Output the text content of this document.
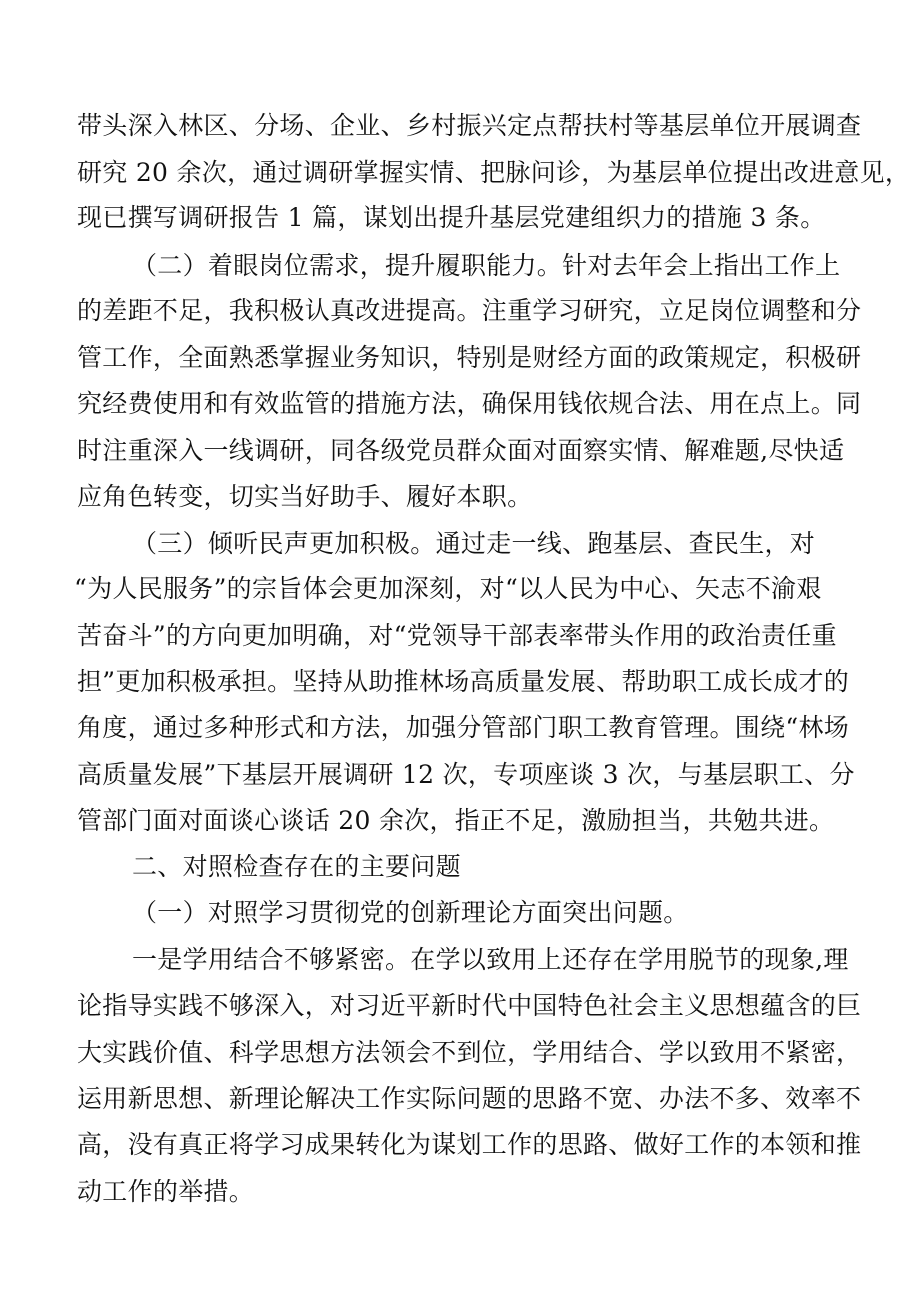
带头深入林区、分场、企业、乡村振兴定点帮扶村等基层单位开展调查
研究 20 余次，通过调研掌握实情、把脉问诊，为基层单位提出改进意见，
现已撰写调研报告 1 篇，谋划出提升基层党建组织力的措施 3 条。
（二）着眼岗位需求，提升履职能力。针对去年会上指出工作上
的差距不足，我积极认真改进提高。注重学习研究，立足岗位调整和分
管工作，全面熟悉掌握业务知识，特别是财经方面的政策规定，积极研
究经费使用和有效监管的措施方法，确保用钱依规合法、用在点上。同
时注重深入一线调研，同各级党员群众面对面察实情、解难题,尽快适
应角色转变，切实当好助手、履好本职。
（三）倾听民声更加积极。通过走一线、跑基层、查民生，对
“为人民服务”的宗旨体会更加深刻，对“以人民为中心、矢志不渝艰
苦奋斗”的方向更加明确，对“党领导干部表率带头作用的政治责任重
担”更加积极承担。坚持从助推林场高质量发展、帮助职工成长成才的
角度，通过多种形式和方法，加强分管部门职工教育管理。围绕“林场
高质量发展”下基层开展调研 12 次，专项座谈 3 次，与基层职工、分
管部门面对面谈心谈话 20 余次，指正不足，激励担当，共勉共进。
二、对照检查存在的主要问题
（一）对照学习贯彻党的创新理论方面突出问题。
一是学用结合不够紧密。在学以致用上还存在学用脱节的现象,理
论指导实践不够深入，对习近平新时代中国特色社会主义思想蕴含的巨
大实践价值、科学思想方法领会不到位，学用结合、学以致用不紧密，
运用新思想、新理论解决工作实际问题的思路不宽、办法不多、效率不
高，没有真正将学习成果转化为谋划工作的思路、做好工作的本领和推
动工作的举措。
